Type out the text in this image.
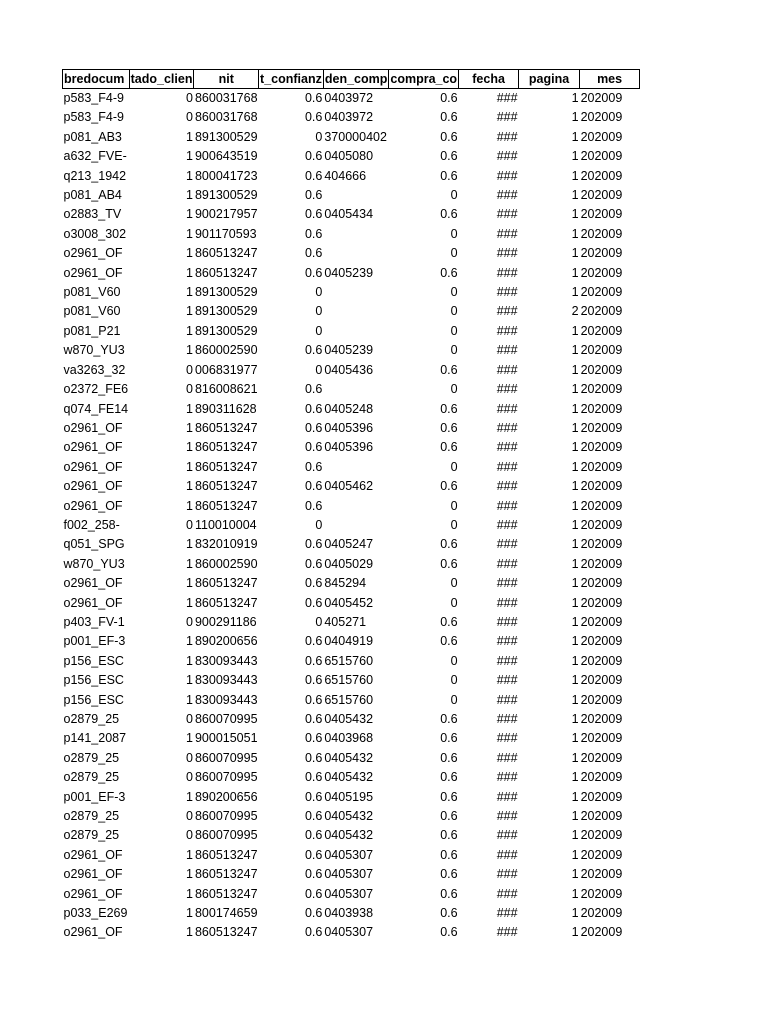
bredocum	tado_clien	nit	t_confianz	den_comp	compra_co	fecha	pagina	mes
p583_F4-9	0	860031768	0.6	0403972	0.6	###	1	202009
p583_F4-9	0	860031768	0.6	0403972	0.6	###	1	202009
p081_AB3	1	891300529	0	370000402	0.6	###	1	202009
a632_FVE-	1	900643519	0.6	0405080	0.6	###	1	202009
q213_1942	1	800041723	0.6	404666	0.6	###	1	202009
p081_AB4	1	891300529	0.6		0	###	1	202009
o2883_TV	1	900217957	0.6	0405434	0.6	###	1	202009
o3008_302	1	901170593	0.6		0	###	1	202009
o2961_OF	1	860513247	0.6		0	###	1	202009
o2961_OF	1	860513247	0.6	0405239	0.6	###	1	202009
p081_V60	1	891300529	0		0	###	1	202009
p081_V60	1	891300529	0		0	###	2	202009
p081_P21	1	891300529	0		0	###	1	202009
w870_YU3	1	860002590	0.6	0405239	0	###	1	202009
va3263_32	0	006831977	0	0405436	0.6	###	1	202009
o2372_FE6	0	816008621	0.6		0	###	1	202009
q074_FE14	1	890311628	0.6	0405248	0.6	###	1	202009
o2961_OF	1	860513247	0.6	0405396	0.6	###	1	202009
o2961_OF	1	860513247	0.6	0405396	0.6	###	1	202009
o2961_OF	1	860513247	0.6		0	###	1	202009
o2961_OF	1	860513247	0.6	0405462	0.6	###	1	202009
o2961_OF	1	860513247	0.6		0	###	1	202009
f002_258-	0	110010004	0		0	###	1	202009
q051_SPG	1	832010919	0.6	0405247	0.6	###	1	202009
w870_YU3	1	860002590	0.6	0405029	0.6	###	1	202009
o2961_OF	1	860513247	0.6	845294	0	###	1	202009
o2961_OF	1	860513247	0.6	0405452	0	###	1	202009
p403_FV-1	0	900291186	0	405271	0.6	###	1	202009
p001_EF-3	1	890200656	0.6	0404919	0.6	###	1	202009
p156_ESC	1	830093443	0.6	6515760	0	###	1	202009
p156_ESC	1	830093443	0.6	6515760	0	###	1	202009
p156_ESC	1	830093443	0.6	6515760	0	###	1	202009
o2879_25	0	860070995	0.6	0405432	0.6	###	1	202009
p141_2087	1	900015051	0.6	0403968	0.6	###	1	202009
o2879_25	0	860070995	0.6	0405432	0.6	###	1	202009
o2879_25	0	860070995	0.6	0405432	0.6	###	1	202009
p001_EF-3	1	890200656	0.6	0405195	0.6	###	1	202009
o2879_25	0	860070995	0.6	0405432	0.6	###	1	202009
o2879_25	0	860070995	0.6	0405432	0.6	###	1	202009
o2961_OF	1	860513247	0.6	0405307	0.6	###	1	202009
o2961_OF	1	860513247	0.6	0405307	0.6	###	1	202009
o2961_OF	1	860513247	0.6	0405307	0.6	###	1	202009
p033_E269	1	800174659	0.6	0403938	0.6	###	1	202009
o2961_OF	1	860513247	0.6	0405307	0.6	###	1	202009
